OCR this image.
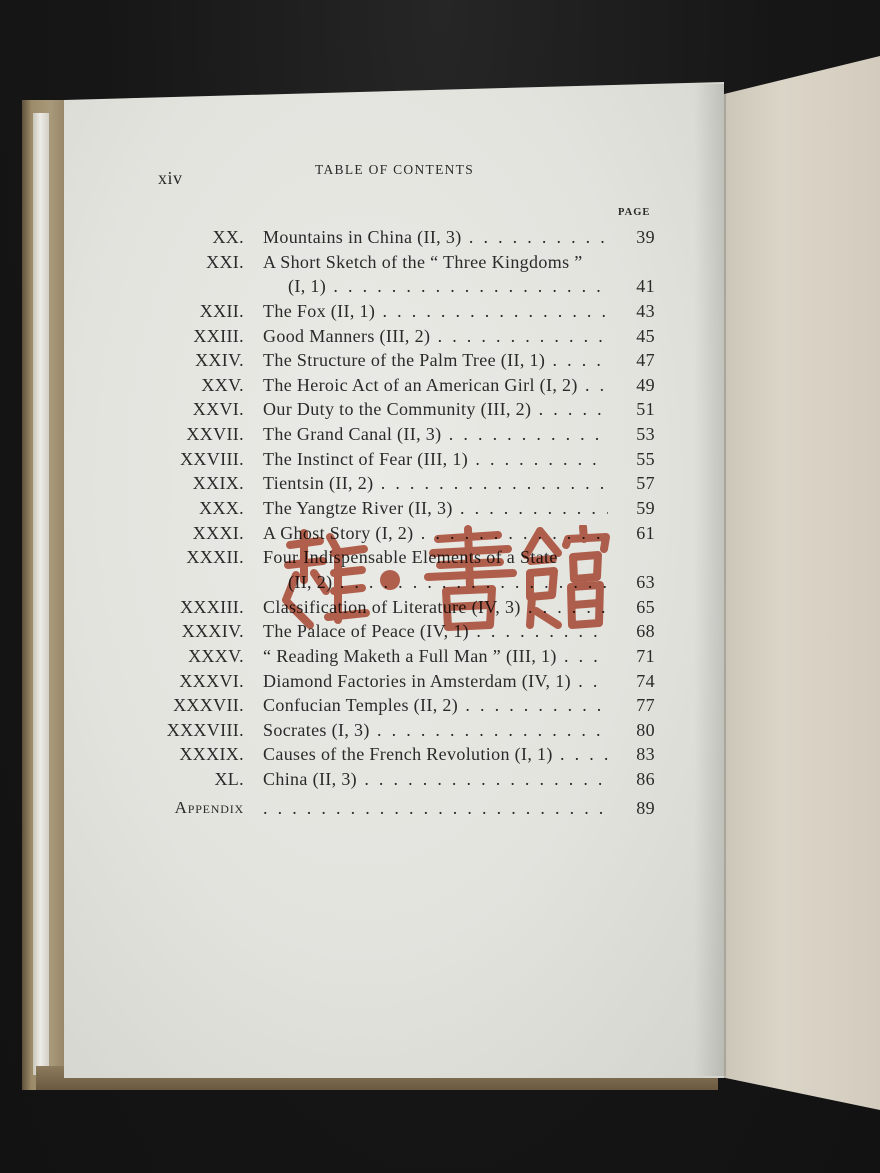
xiv	TABLE OF CONTENTS
PAGE
XX. Mountains in China (II, 3) . . .	39
XXI. A Short Sketch of the “ Three Kingdoms ”
(I, 1) . . .	41
XXII. The Fox (II, 1) . . .	43
XXIII. Good Manners (III, 2) . . .	45
XXIV. The Structure of the Palm Tree (II, 1) . . .	47
XXV. The Heroic Act of an American Girl (I, 2) . . .	49
XXVI. Our Duty to the Community (III, 2) . . .	51
XXVII. The Grand Canal (II, 3) . . .	53
XXVIII. The Instinct of Fear (III, 1) . . .	55
XXIX. Tientsin (II, 2) . . .	57
XXX. The Yangtze River (II, 3) . . .	59
XXXI. A Ghost Story (I, 2) . . .	61
XXXII. Four Indispensable Elements of a State
(II, 2) . . .	63
XXXIII. Classification of Literature (IV, 3) . . .	65
XXXIV. The Palace of Peace (IV, 1) . . .	68
XXXV. “ Reading Maketh a Full Man ” (III, 1) . . .	71
XXXVI. Diamond Factories in Amsterdam (IV, 1) . . .	74
XXXVII. Confucian Temples (II, 2) . . .	77
XXXVIII. Socrates (I, 3) . . .	80
XXXIX. Causes of the French Revolution (I, 1) . . .	83
XL. China (II, 3) . . .	86
Appendix . . .	89
